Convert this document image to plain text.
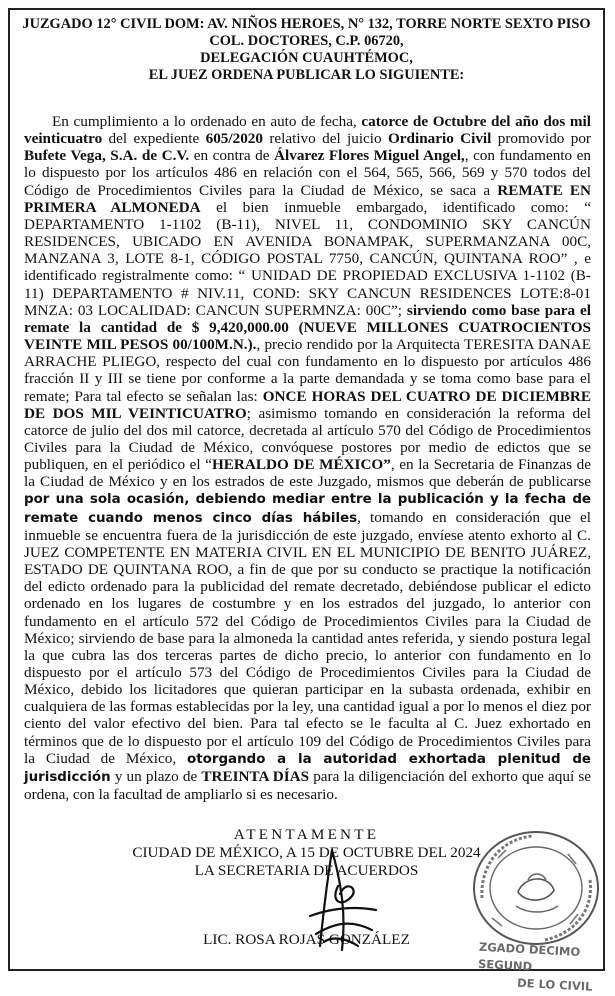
JUZGADO 12° CIVIL DOM: AV. NIÑOS HEROES, N° 132, TORRE NORTE SEXTO PISO
COL. DOCTORES, C.P. 06720,
DELEGACIÓN CUAUHTÉMOC,
EL JUEZ ORDENA PUBLICAR LO SIGUIENTE:

En cumplimiento a lo ordenado en auto de fecha, catorce de Octubre del año dos mil veinticuatro del expediente 605/2020 relativo del juicio Ordinario Civil promovido por Bufete Vega, S.A. de C.V. en contra de Álvarez Flores Miguel Angel,, con fundamento en lo dispuesto por los artículos 486 en relación con el 564, 565, 566, 569 y 570 todos del Código de Procedimientos Civiles para la Ciudad de México, se saca a REMATE EN PRIMERA ALMONEDA el bien inmueble embargado, identificado como: “ DEPARTAMENTO 1-1102 (B-11), NIVEL 11, CONDOMINIO SKY CANCÚN RESIDENCES, UBICADO EN AVENIDA BONAMPAK, SUPERMANZANA 00C, MANZANA 3, LOTE 8-1, CÓDIGO POSTAL 7750, CANCÚN, QUINTANA ROO” , e identificado registralmente como: “ UNIDAD DE PROPIEDAD EXCLUSIVA 1-1102 (B-11) DEPARTAMENTO # NIV.11, COND: SKY CANCUN RESIDENCES LOTE:8-01 MNZA: 03 LOCALIDAD: CANCUN SUPERMNZA: 00C”; sirviendo como base para el remate la cantidad de $ 9,420,000.00 (NUEVE MILLONES CUATROCIENTOS VEINTE MIL PESOS 00/100M.N.)., precio rendido por la Arquitecta TERESITA DANAE ARRACHE PLIEGO, respecto del cual con fundamento en lo dispuesto por artículos 486 fracción II y III se tiene por conforme a la parte demandada y se toma como base para el remate; Para tal efecto se señalan las: ONCE HORAS DEL CUATRO DE DICIEMBRE DE DOS MIL VEINTICUATRO; asimismo tomando en consideración la reforma del catorce de julio del dos mil catorce, decretada al artículo 570 del Código de Procedimientos Civiles para la Ciudad de México, convóquese postores por medio de edictos que se publiquen, en el periódico el “HERALDO DE MÉXICO”, en la Secretaria de Finanzas de la Ciudad de México y en los estrados de este Juzgado, mismos que deberán de publicarse por una sola ocasión, debiendo mediar entre la publicación y la fecha de remate cuando menos cinco días hábiles, tomando en consideración que el inmueble se encuentra fuera de la jurisdicción de este juzgado, envíese atento exhorto al C. JUEZ COMPETENTE EN MATERIA CIVIL EN EL MUNICIPIO DE BENITO JUÁREZ, ESTADO DE QUINTANA ROO, a fin de que por su conducto se practique la notificación del edicto ordenado para la publicidad del remate decretado, debiéndose publicar el edicto ordenado en los lugares de costumbre y en los estrados del juzgado, lo anterior con fundamento en el artículo 572 del Código de Procedimientos Civiles para la Ciudad de México; sirviendo de base para la almoneda la cantidad antes referida, y siendo postura legal la que cubra las dos terceras partes de dicho precio, lo anterior con fundamento en lo dispuesto por el artículo 573 del Código de Procedimientos Civiles para la Ciudad de México, debido los licitadores que quieran participar en la subasta ordenada, exhibir en cualquiera de las formas establecidas por la ley, una cantidad igual a por lo menos el diez por ciento del valor efectivo del bien. Para tal efecto se le faculta al C. Juez exhortado en términos que de lo dispuesto por el artículo 109 del Código de Procedimientos Civiles para la Ciudad de México, otorgando a la autoridad exhortada plenitud de jurisdicción y un plazo de TREINTA DÍAS para la diligenciación del exhorto que aquí se ordena, con la facultad de ampliarlo si es necesario.

ATENTAMENTE
CIUDAD DE MÉXICO, A 15 DE OCTUBRE DEL 2024
LA SECRETARIA DE ACUERDOS
ZGADO DÉCIMO SEGUND
DE LO CIVIL
LIC. ROSA ROJAS GONZÁLEZ
